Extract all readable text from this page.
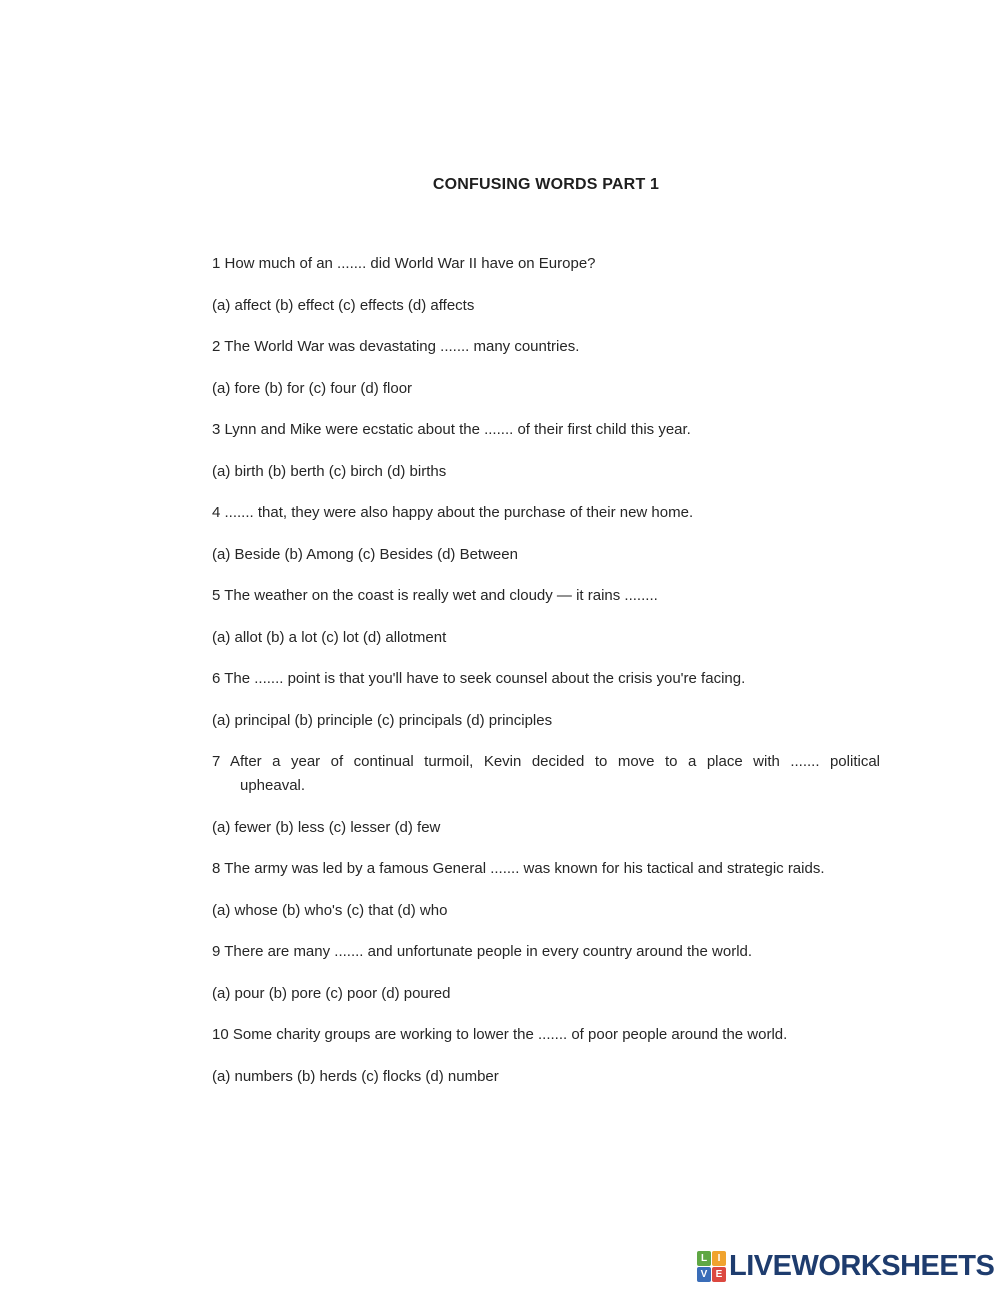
CONFUSING WORDS PART 1

1 How much of an ....... did World War II have on Europe?

(a) affect (b) effect (c) effects (d) affects

2 The World War was devastating ....... many countries.

(a) fore (b) for (c) four (d) floor

3 Lynn and Mike were ecstatic about the ....... of their first child this year.

(a) birth (b) berth (c) birch (d) births

4 ....... that, they were also happy about the purchase of their new home.

(a) Beside (b) Among (c) Besides (d) Between

5 The weather on the coast is really wet and cloudy — it rains ........

(a) allot (b) a lot (c) lot (d) allotment

6 The ....... point is that you'll have to seek counsel about the crisis you're facing.

(a) principal (b) principle (c) principals (d) principles

7 After a year of continual turmoil, Kevin decided to move to a place with ....... political

upheaval.

(a) fewer (b) less (c) lesser (d) few

8 The army was led by a famous General ....... was known for his tactical and strategic raids.

(a) whose (b) who's (c) that (d) who

9 There are many ....... and unfortunate people in every country around the world.

(a) pour (b) pore (c) poor (d) poured

10 Some charity groups are working to lower the ....... of poor people around the world.

(a) numbers (b) herds (c) flocks (d) number

L	I
V E LIVEWORKSHEETS
